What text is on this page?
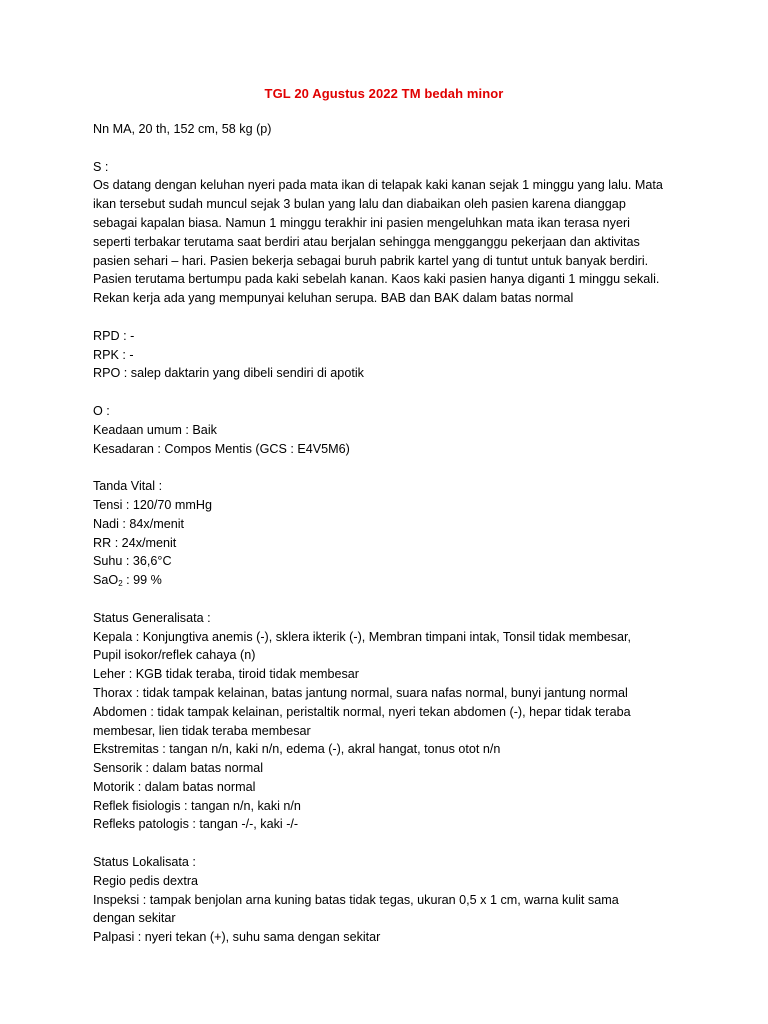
TGL 20 Agustus 2022 TM bedah minor
Nn MA, 20 th, 152 cm, 58 kg (p)
S :
Os datang dengan keluhan nyeri pada mata ikan di telapak kaki kanan sejak 1 minggu yang lalu. Mata
ikan tersebut sudah muncul sejak 3 bulan yang lalu dan diabaikan oleh pasien karena dianggap
sebagai kapalan biasa. Namun 1 minggu terakhir ini pasien mengeluhkan mata ikan terasa nyeri
seperti terbakar terutama saat berdiri atau berjalan sehingga mengganggu pekerjaan dan aktivitas
pasien sehari – hari. Pasien bekerja sebagai buruh pabrik kartel yang di tuntut untuk banyak berdiri.
Pasien terutama bertumpu pada kaki sebelah kanan. Kaos kaki pasien hanya diganti 1 minggu sekali.
Rekan kerja ada yang mempunyai keluhan serupa. BAB dan BAK dalam batas normal
RPD : -
RPK : -
RPO : salep daktarin yang dibeli sendiri di apotik
O :
Keadaan umum : Baik
Kesadaran : Compos Mentis (GCS : E4V5M6)
Tanda Vital :
Tensi : 120/70 mmHg
Nadi : 84x/menit
RR : 24x/menit
Suhu : 36,6°C
SaO$_2$ : 99 %
Status Generalisata :
Kepala : Konjungtiva anemis (-), sklera ikterik (-), Membran timpani intak, Tonsil tidak membesar,
Pupil isokor/reflek cahaya (n)
Leher : KGB tidak teraba, tiroid tidak membesar
Thorax : tidak tampak kelainan, batas jantung normal, suara nafas normal, bunyi jantung normal
Abdomen : tidak tampak kelainan, peristaltik normal, nyeri tekan abdomen (-), hepar tidak teraba
membesar, lien tidak teraba membesar
Ekstremitas : tangan n/n, kaki n/n, edema (-), akral hangat, tonus otot n/n
Sensorik : dalam batas normal
Motorik : dalam batas normal
Reflek fisiologis : tangan n/n, kaki n/n
Refleks patologis : tangan -/-, kaki -/-
Status Lokalisata :
Regio pedis dextra
Inspeksi : tampak benjolan arna kuning batas tidak tegas, ukuran 0,5 x 1 cm, warna kulit sama
dengan sekitar
Palpasi : nyeri tekan (+), suhu sama dengan sekitar
